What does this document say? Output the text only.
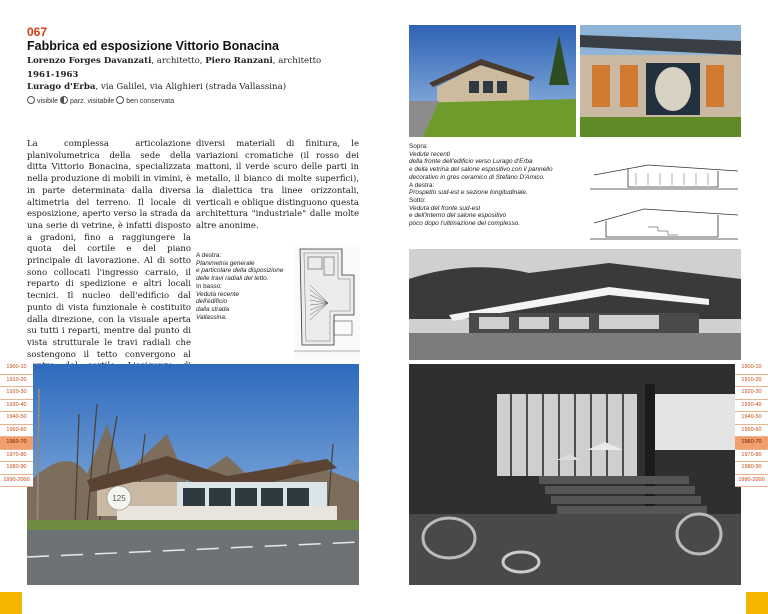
067
Fabbrica ed esposizione Vittorio Bonacina
Lorenzo Forges Davanzati, architetto, Piero Ranzani, architetto
1961-1963
Lurago d'Erba, via Galilei, via Alighieri (strada Vallassina)
visibile parz. visitabile ben conservata

La complessa articolazione planivolumetrica della sede della ditta Vittorio Bonacina, specializzata nella produzione di mobili in vimini, è in parte determinata dalla diversa altimetria del terreno. Il locale di esposizione, aperto verso la strada da una serie di vetrine, è infatti disposto a gradoni, fino a raggiungere la quota del cortile e del piano principale di lavorazione. Al di sotto sono collocati l'ingresso carraio, il reparto di spedizione e altri locali tecnici. Il nucleo dell'edificio dal punto di vista funzionale è costituito dalla direzione, con la visuale aperta su tutti i reparti, mentre dal punto di vista strutturale le travi radiali che sostengono il tetto convergono al

diversi materiali di finitura, le variazioni cromatiche (il rosso dei mattoni, il verde scuro delle parti in metallo, il bianco di molte superfici), la dialettica tra linee orizzontali, verticali e oblique distinguono questa architettura "industriale" dalle molte altre anonime.

A destra:
Planimetria generale
e particolare della disposizione
delle travi radiali del tetto.
In basso:
Veduta recente
dell'edificio
dalla strada
Vallassina.
125
Sopra:
Vedute recenti
della fronte dell'edificio verso Lurago d'Erba
e della vetrina del salone espositivo con il pannello
decorativo in gres ceramico di Stefano D'Amico.
A destra:
Prospetto sud-est e sezione longitudinale.
Sotto:
Veduta del fronte sud-est
e dell'interno del salone espositivo
poco dopo l'ultimazione del complesso.
1900-10
1910-20
1920-30
1930-40
1940-50
1950-60
1960-70
1970-80
1980-90
1990-2000
1900-10
1910-20
1920-30
1930-40
1940-50
1950-60
1960-70
1970-80
1980-90
1990-2000
